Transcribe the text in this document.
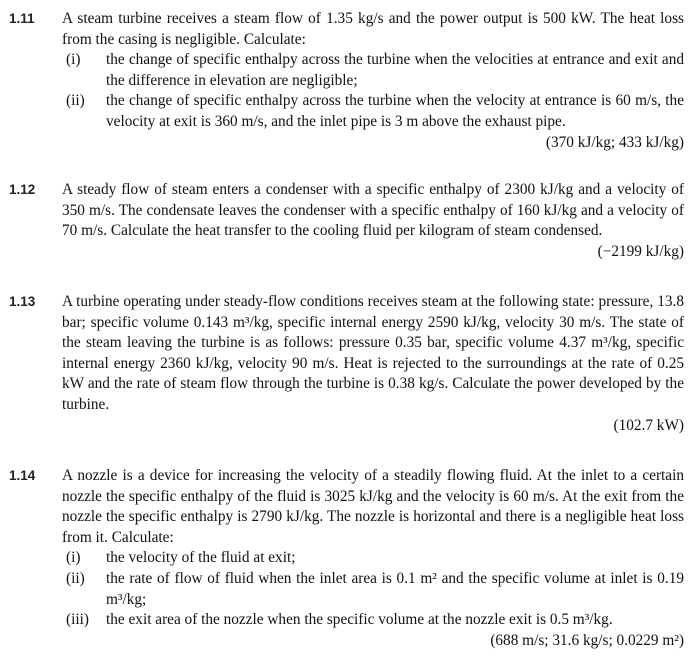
1.11 A steam turbine receives a steam flow of 1.35 kg/s and the power output is 500 kW. The heat loss from the casing is negligible. Calculate:

(i)	the change of specific enthalpy across the turbine when the velocities at entrance and exit and the difference in elevation are negligible;
(ii)	the change of specific enthalpy across the turbine when the velocity at entrance is 60 m/s, the velocity at exit is 360 m/s, and the inlet pipe is 3 m above the exhaust pipe.

(370 kJ/kg; 433 kJ/kg)

1.12 A steady flow of steam enters a condenser with a specific enthalpy of 2300 kJ/kg and a velocity of 350 m/s. The condensate leaves the condenser with a specific enthalpy of 160 kJ/kg and a velocity of 70 m/s. Calculate the heat transfer to the cooling fluid per kilogram of steam condensed.

(−2199 kJ/kg)

1.13 A turbine operating under steady-flow conditions receives steam at the following state: pressure, 13.8 bar; specific volume 0.143 m³/kg, specific internal energy 2590 kJ/kg, velocity 30 m/s. The state of the steam leaving the turbine is as follows: pressure 0.35 bar, specific volume 4.37 m³/kg, specific internal energy 2360 kJ/kg, velocity 90 m/s. Heat is rejected to the surroundings at the rate of 0.25 kW and the rate of steam flow through the turbine is 0.38 kg/s. Calculate the power developed by the turbine.

(102.7 kW)

1.14 A nozzle is a device for increasing the velocity of a steadily flowing fluid. At the inlet to a certain nozzle the specific enthalpy of the fluid is 3025 kJ/kg and the velocity is 60 m/s. At the exit from the nozzle the specific enthalpy is 2790 kJ/kg. The nozzle is horizontal and there is a negligible heat loss from it. Calculate:

(i)	the velocity of the fluid at exit;
(ii)	the rate of flow of fluid when the inlet area is 0.1 m² and the specific volume at inlet is 0.19 m³/kg;
(iii)	the exit area of the nozzle when the specific volume at the nozzle exit is 0.5 m³/kg.

(688 m/s; 31.6 kg/s; 0.0229 m²)
